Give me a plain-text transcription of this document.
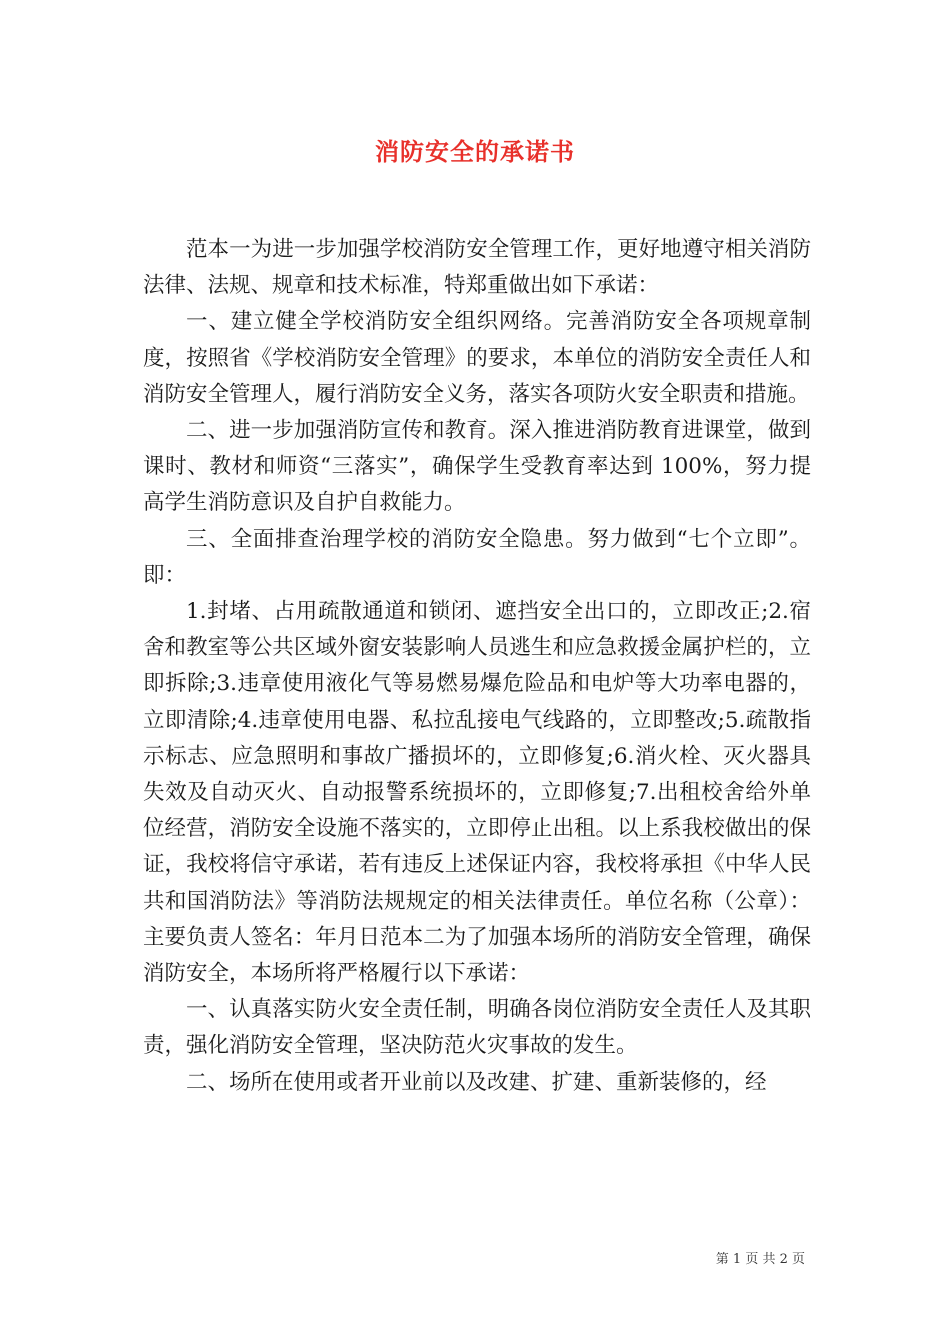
消防安全的承诺书

范本一为进一步加强学校消防安全管理工作，更好地遵守相关消防法律、法规、规章和技术标准，特郑重做出如下承诺：

一、建立健全学校消防安全组织网络。完善消防安全各项规章制度，按照省《学校消防安全管理》的要求，本单位的消防安全责任人和消防安全管理人，履行消防安全义务，落实各项防火安全职责和措施。

二、进一步加强消防宣传和教育。深入推进消防教育进课堂，做到课时、教材和师资“三落实”，确保学生受教育率达到 100%，努力提高学生消防意识及自护自救能力。

三、全面排查治理学校的消防安全隐患。努力做到“七个立即”。即：

1.封堵、占用疏散通道和锁闭、遮挡安全出口的，立即改正;2.宿舍和教室等公共区域外窗安装影响人员逃生和应急救援金属护栏的，立即拆除;3.违章使用液化气等易燃易爆危险品和电炉等大功率电器的，立即清除;4.违章使用电器、私拉乱接电气线路的，立即整改;5.疏散指示标志、应急照明和事故广播损坏的，立即修复;6.消火栓、灭火器具失效及自动灭火、自动报警系统损坏的，立即修复;7.出租校舍给外单位经营，消防安全设施不落实的，立即停止出租。以上系我校做出的保证，我校将信守承诺，若有违反上述保证内容，我校将承担《中华人民共和国消防法》等消防法规规定的相关法律责任。单位名称（公章）：主要负责人签名：年月日范本二为了加强本场所的消防安全管理，确保消防安全，本场所将严格履行以下承诺：

一、认真落实防火安全责任制，明确各岗位消防安全责任人及其职责，强化消防安全管理，坚决防范火灾事故的发生。

二、场所在使用或者开业前以及改建、扩建、重新装修的，经

第 1 页 共 2 页
